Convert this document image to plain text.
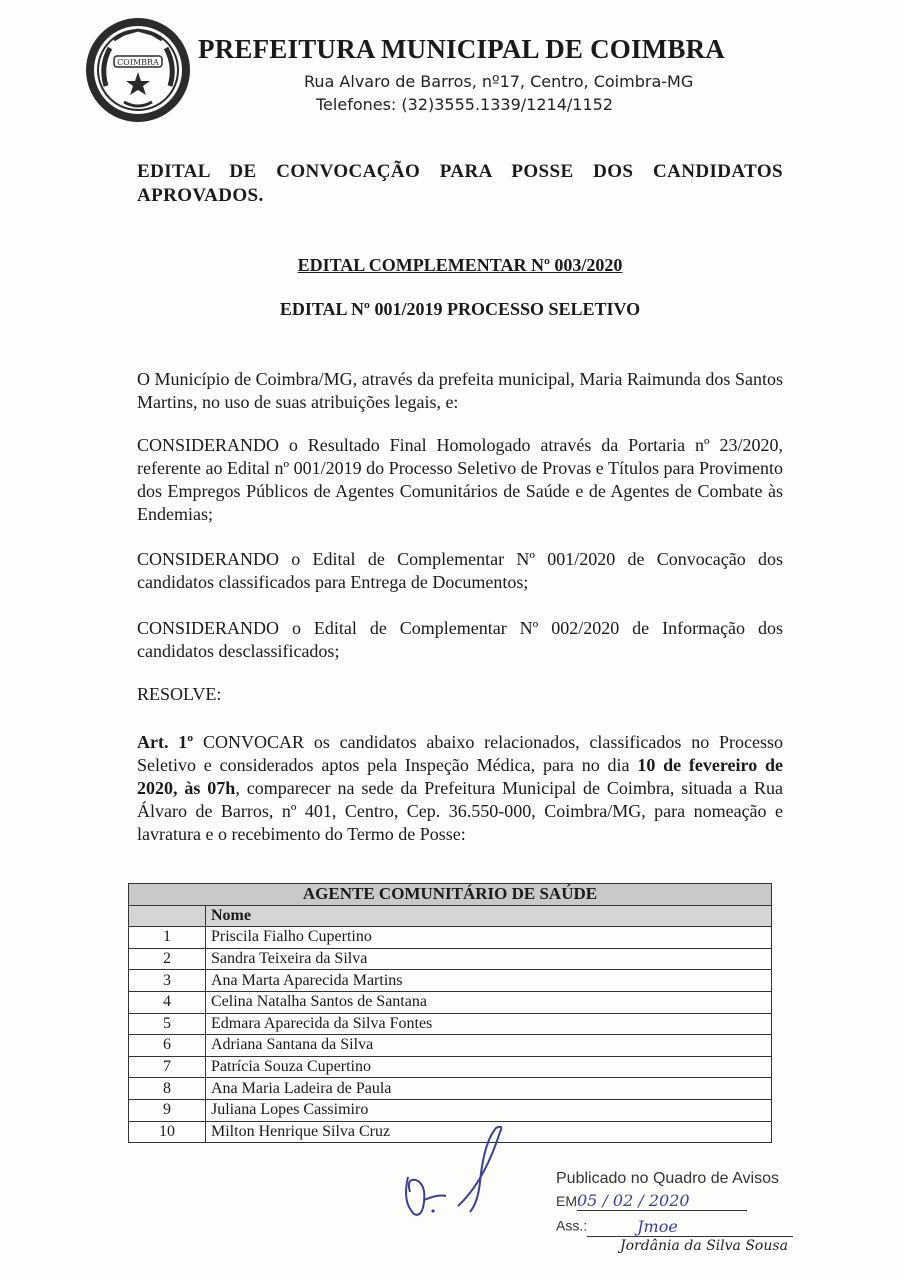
COIMBRA PREFEITURA MUNICIPAL DE COIMBRA
Rua Alvaro de Barros, nº17, Centro, Coimbra-MG
Telefones: (32)3555.1339/1214/1152
EDITAL DE CONVOCAÇÃO PARA POSSE DOS CANDIDATOS APROVADOS.
EDITAL COMPLEMENTAR Nº 003/2020
EDITAL Nº 001/2019 PROCESSO SELETIVO
O Município de Coimbra/MG, através da prefeita municipal, Maria Raimunda dos Santos Martins, no uso de suas atribuições legais, e:
CONSIDERANDO o Resultado Final Homologado através da Portaria nº 23/2020, referente ao Edital nº 001/2019 do Processo Seletivo de Provas e Títulos para Provimento dos Empregos Públicos de Agentes Comunitários de Saúde e de Agentes de Combate às Endemias;
CONSIDERANDO o Edital de Complementar Nº 001/2020 de Convocação dos candidatos classificados para Entrega de Documentos;
CONSIDERANDO o Edital de Complementar Nº 002/2020 de Informação dos candidatos desclassificados;
RESOLVE:
Art. 1º CONVOCAR os candidatos abaixo relacionados, classificados no Processo Seletivo e considerados aptos pela Inspeção Médica, para no dia 10 de fevereiro de 2020, às 07h, comparecer na sede da Prefeitura Municipal de Coimbra, situada a Rua Álvaro de Barros, nº 401, Centro, Cep. 36.550-000, Coimbra/MG, para nomeação e lavratura e o recebimento do Termo de Posse:
AGENTE COMUNITÁRIO DE SAÚDE	
	Nome
1	Priscila Fialho Cupertino
2	Sandra Teixeira da Silva
3	Ana Marta Aparecida Martins
4	Celina Natalha Santos de Santana
5	Edmara Aparecida da Silva Fontes
6	Adriana Santana da Silva
7	Patrícia Souza Cupertino
8	Ana Maria Ladeira de Paula
9	Juliana Lopes Cassimiro
10	Milton Henrique Silva Cruz
Publicado no Quadro de Avisos
EM05 / 02 / 2020
Ass.:	Jmoe
Jordânia da Silva Sousa
